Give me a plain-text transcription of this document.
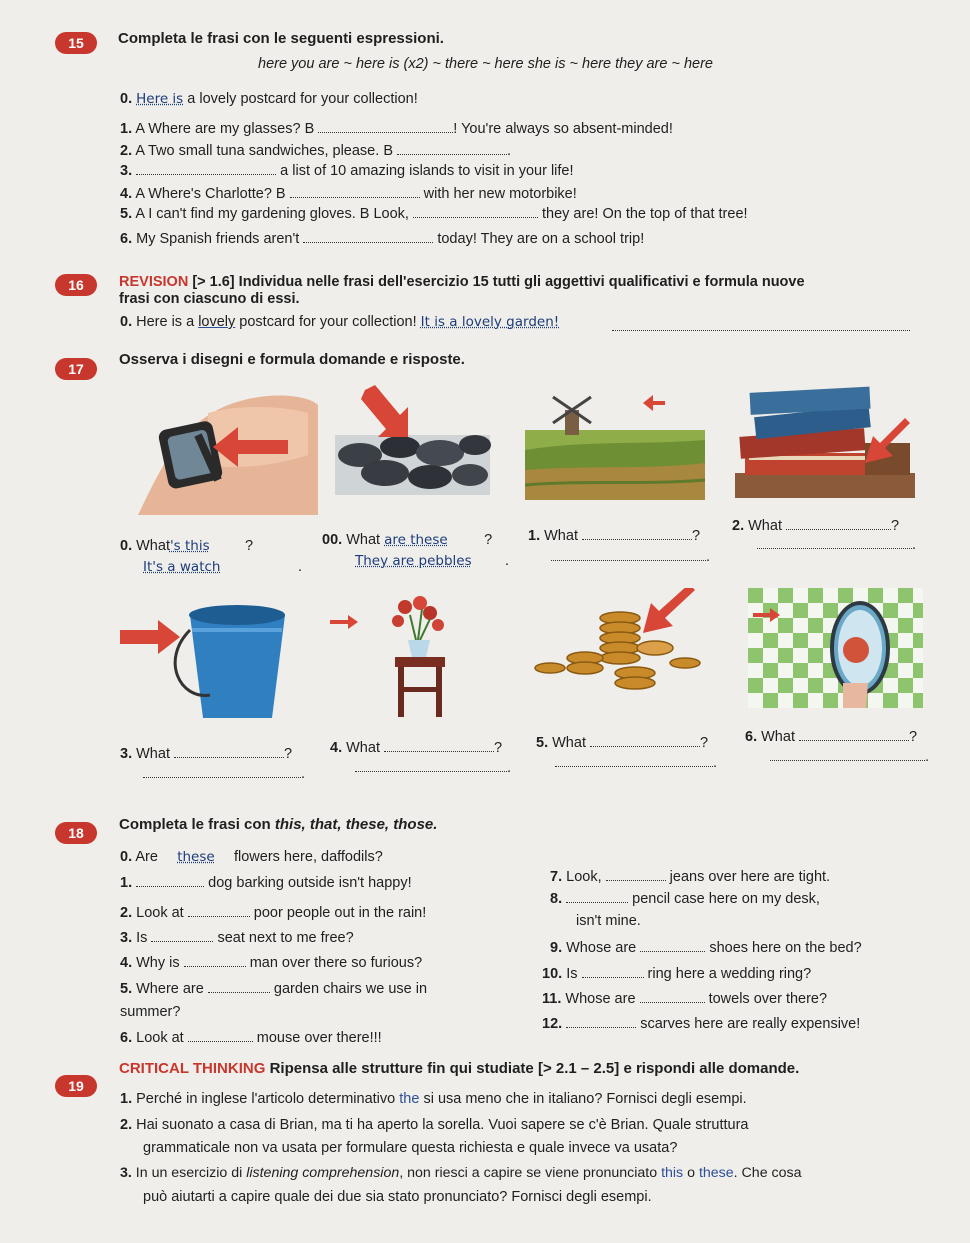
15	Completa le frasi con le seguenti espressioni.
here you are ~ here is (x2) ~ there ~ here she is ~ here they are ~ here
0. Here is a lovely postcard for your collection!
1. A Where are my glasses? B	! You're always so absent-minded!
2. A Two small tuna sandwiches, please. B	.
3.	a list of 10 amazing islands to visit in your life!
4. A Where's Charlotte? B	with her new motorbike!
5. A I can't find my gardening gloves. B Look,	they are! On the top of that tree!
6. My Spanish friends aren't	today! They are on a school trip!
16	REVISION [> 1.6] Individua nelle frasi dell'esercizio 15 tutti gli aggettivi qualificativi e formula nuove
frasi con ciascuno di essi.
0. Here is a lovely postcard for your collection! It is a lovely garden!
17
Osserva i disegni e formula domande e risposte.
0. What's this ?
It's a watch	.
00. What are these	?
They are pebbles .
1. What	?
.
2. What	?
.
3. What	?
.
4. What	?
.
5. What	?
.
6. What	?
.
18	Completa le frasi con this, that, these, those.
0. Are these flowers here, daffodils?
1.	dog barking outside isn't happy!
2. Look at	poor people out in the rain!
3. Is	seat next to me free?
4. Why is	man over there so furious?
5. Where are	garden chairs we use in
summer?
6. Look at	mouse over there!!!
7. Look,	jeans over here are tight.
8.	pencil case here on my desk,
isn't mine.
9. Whose are	shoes here on the bed?
10. Is	ring here a wedding ring?
11. Whose are	towels over there?
12.	scarves here are really expensive!
19
CRITICAL THINKING Ripensa alle strutture fin qui studiate [> 2.1 – 2.5] e rispondi alle domande.
1. Perché in inglese l'articolo determinativo the si usa meno che in italiano? Fornisci degli esempi.
2. Hai suonato a casa di Brian, ma ti ha aperto la sorella. Vuoi sapere se c'è Brian. Quale struttura
grammaticale non va usata per formulare questa richiesta e quale invece va usata?
3. In un esercizio di listening comprehension, non riesci a capire se viene pronunciato this o these. Che cosa
può aiutarti a capire quale dei due sia stato pronunciato? Fornisci degli esempi.
